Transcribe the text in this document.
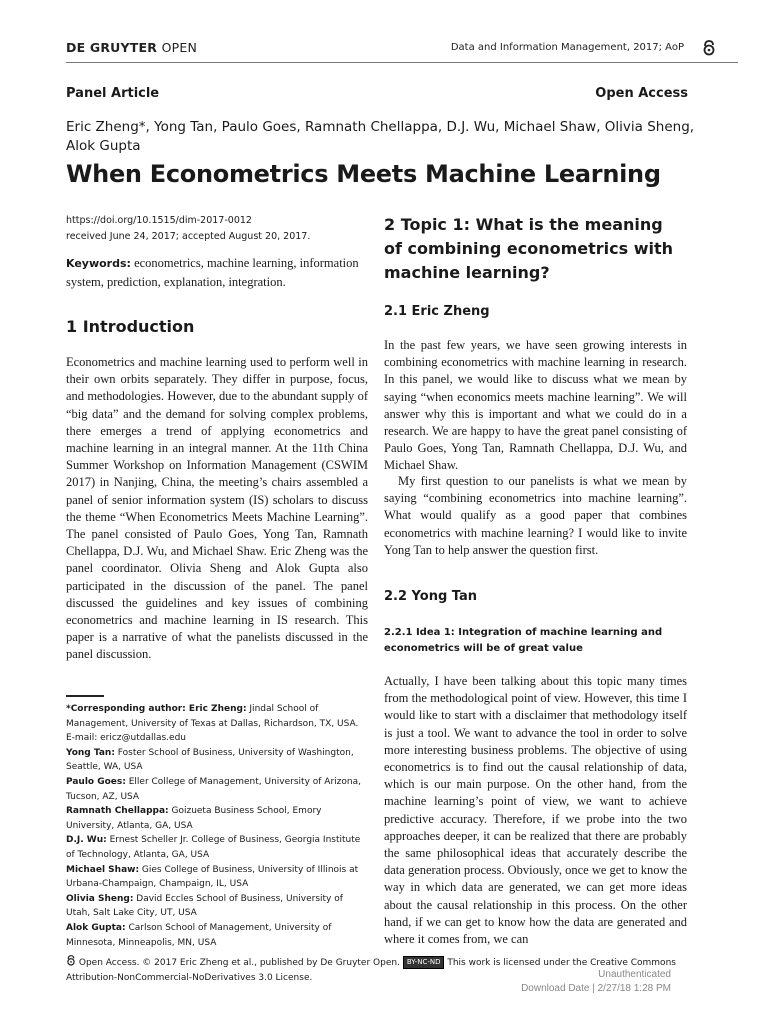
DE GRUYTER OPEN	Data and Information Management, 2017; AoP
Panel Article	Open Access
Eric Zheng*, Yong Tan, Paulo Goes, Ramnath Chellappa, D.J. Wu, Michael Shaw, Olivia Sheng, Alok Gupta
When Econometrics Meets Machine Learning
https://doi.org/10.1515/dim-2017-0012
received June 24, 2017; accepted August 20, 2017.
Keywords: econometrics, machine learning, information system, prediction, explanation, integration.
1 Introduction
Econometrics and machine learning used to perform well in their own orbits separately. They differ in purpose, focus, and methodologies. However, due to the abundant supply of “big data” and the demand for solving complex problems, there emerges a trend of applying econometrics and machine learning in an integral manner. At the 11th China Summer Workshop on Information Management (CSWIM 2017) in Nanjing, China, the meeting’s chairs assembled a panel of senior information system (IS) scholars to discuss the theme “When Econometrics Meets Machine Learning”. The panel consisted of Paulo Goes, Yong Tan, Ramnath Chellappa, D.J. Wu, and Michael Shaw. Eric Zheng was the panel coordinator. Olivia Sheng and Alok Gupta also participated in the discussion of the panel. The panel discussed the guidelines and key issues of combining econometrics and machine learning in IS research. This paper is a narrative of what the panelists discussed in the panel discussion.

*Corresponding author: Eric Zheng: Jindal School of Management, University of Texas at Dallas, Richardson, TX, USA. E-mail: ericz@utdallas.edu

Yong Tan: Foster School of Business, University of Washington, Seattle, WA, USA

Paulo Goes: Eller College of Management, University of Arizona, Tucson, AZ, USA

Ramnath Chellappa: Goizueta Business School, Emory University, Atlanta, GA, USA

D.J. Wu: Ernest Scheller Jr. College of Business, Georgia Institute of Technology, Atlanta, GA, USA

Michael Shaw: Gies College of Business, University of Illinois at Urbana-Champaign, Champaign, IL, USA

Olivia Sheng: David Eccles School of Business, University of Utah, Salt Lake City, UT, USA

Alok Gupta: Carlson School of Management, University of Minnesota, Minneapolis, MN, USA

2 Topic 1: What is the meaning of combining econometrics with machine learning?
2.1 Eric Zheng
In the past few years, we have seen growing interests in combining econometrics with machine learning in research. In this panel, we would like to discuss what we mean by saying “when economics meets machine learning”. We will answer why this is important and what we could do in a research. We are happy to have the great panel consisting of Paulo Goes, Yong Tan, Ramnath Chellappa, D.J. Wu, and Michael Shaw.
My first question to our panelists is what we mean by saying “combining econometrics into machine learning”. What would qualify as a good paper that combines econometrics with machine learning? I would like to invite Yong Tan to help answer the question first.
2.2 Yong Tan
2.2.1 Idea 1: Integration of machine learning and econometrics will be of great value
Actually, I have been talking about this topic many times from the methodological point of view. However, this time I would like to start with a disclaimer that methodology itself is just a tool. We want to advance the tool in order to solve more interesting business problems. The objective of using econometrics is to find out the causal relationship of data, which is our main purpose. On the other hand, from the machine learning’s point of view, we want to achieve predictive accuracy. Therefore, if we probe into the two approaches deeper, it can be realized that there are probably the same philosophical ideas that accurately describe the data generation process. Obviously, once we get to know the way in which data are generated, we can get more ideas about the causal relationship in this process. On the other hand, if we can get to know how the data are generated and where it comes from, we can
Open Access. © 2017 Eric Zheng et al., published by De Gruyter Open. BY-NC-ND This work is licensed under the Creative Commons Attribution-NonCommercial-NoDerivatives 3.0 License.	Unauthenticated
Download Date | 2/27/18 1:28 PM
